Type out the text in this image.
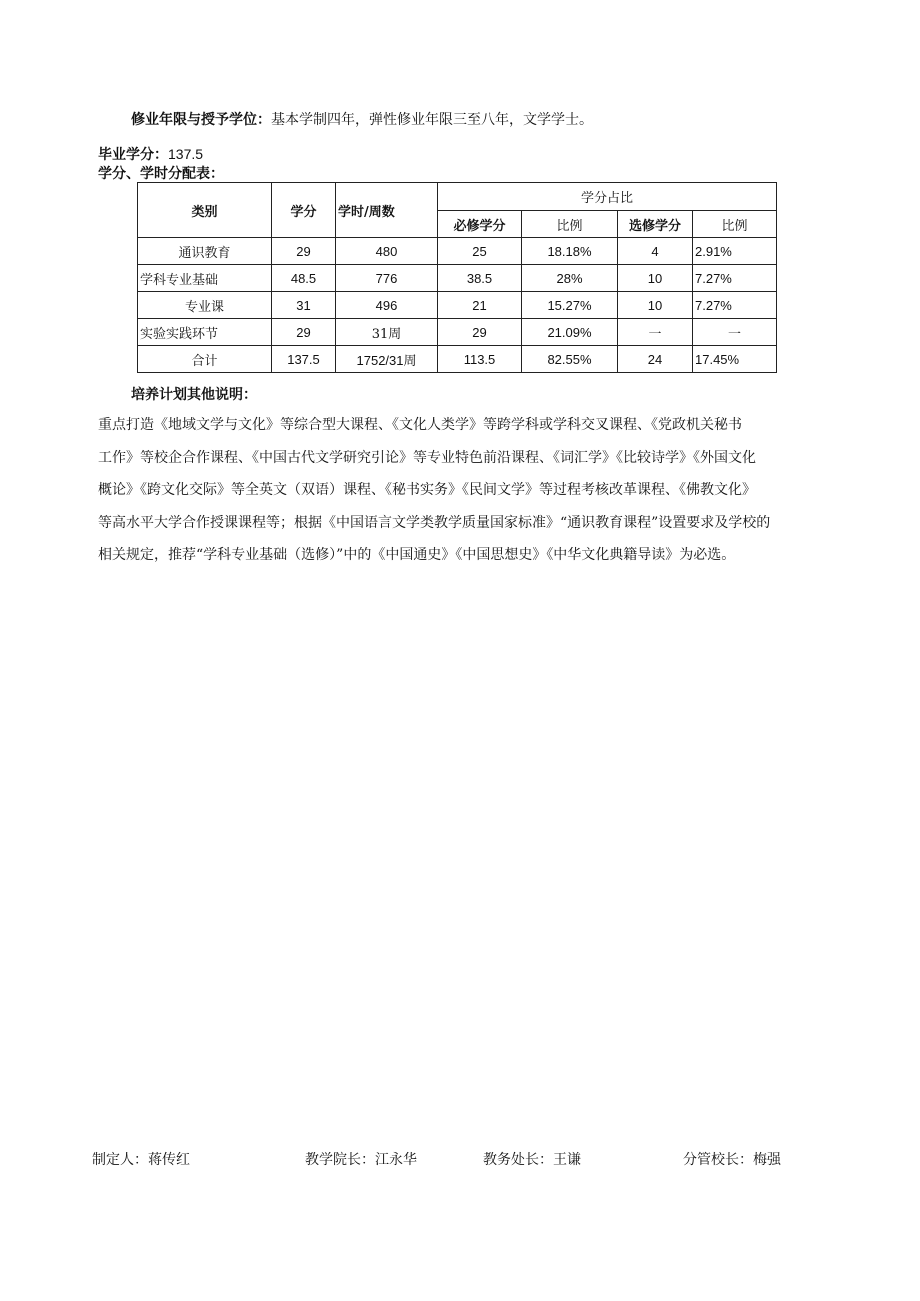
修业年限与授予学位：基本学制四年，弹性修业年限三至八年，文学学士。
毕业学分：137.5
学分、学时分配表：
类别	学分	学时/周数	学分占比			
			必修学分	比例	选修学分	比例
通识教育	29	480	25	18.18%	4	2.91%
学科专业基础	48.5	776	38.5	28%	10	7.27%
专业课	31	496	21	15.27%	10	7.27%
实验实践环节	29	31周	29	21.09%	一	一
合计	137.5	1752/31周	113.5	82.55%	24	17.45%
培养计划其他说明：
重点打造《地域文学与文化》等综合型大课程、《文化人类学》等跨学科或学科交叉课程、《党政机关秘书
工作》等校企合作课程、《中国古代文学研究引论》等专业特色前沿课程、《词汇学》《比较诗学》《外国文化
概论》《跨文化交际》等全英文（双语）课程、《秘书实务》《民间文学》等过程考核改革课程、《佛教文化》
等高水平大学合作授课课程等；根据《中国语言文学类教学质量国家标准》“通识教育课程”设置要求及学校的
相关规定，推荐“学科专业基础（选修）”中的《中国通史》《中国思想史》《中华文化典籍导读》为必选。
制定人：蒋传红	教学院长：江永华	教务处长：王谦	分管校长：梅强
